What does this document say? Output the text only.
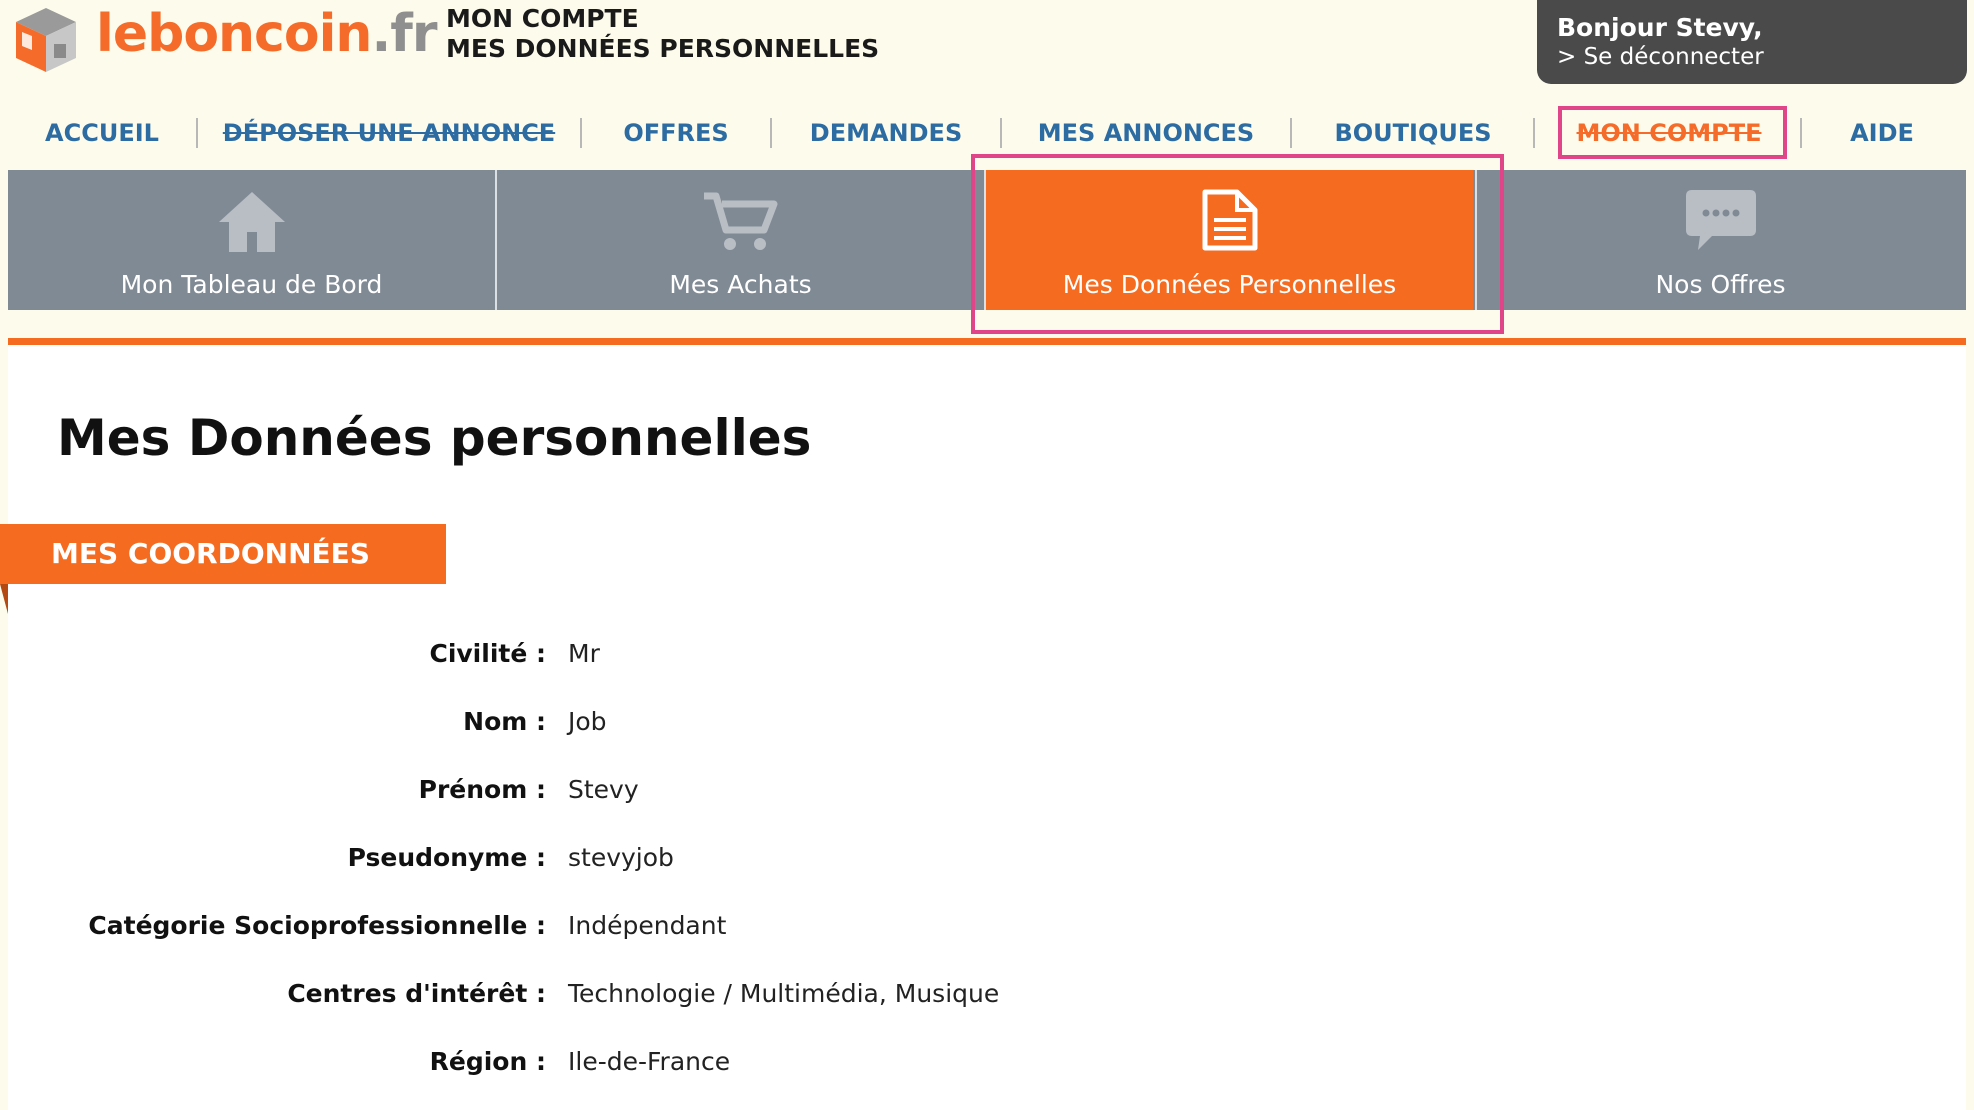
leboncoin.fr MON COMPTE
MES DONNÉES PERSONNELLES
Bonjour Stevy,
> Se déconnecter
ACCUEIL	DÉPOSER UNE ANNONCE	OFFRES	DEMANDES	MES ANNONCES	BOUTIQUES	MON COMPTE	AIDE
Mon Tableau de Bord	Mes Achats	Mes Données Personnelles	Nos Offres
Mes Données personnelles
MES COORDONNÉES
Civilité : Mr
Nom : Job
Prénom : Stevy
Pseudonyme : stevyjob
Catégorie Socioprofessionnelle : Indépendant
Centres d'intérêt : Technologie / Multimédia, Musique
Région : Ile-de-France
